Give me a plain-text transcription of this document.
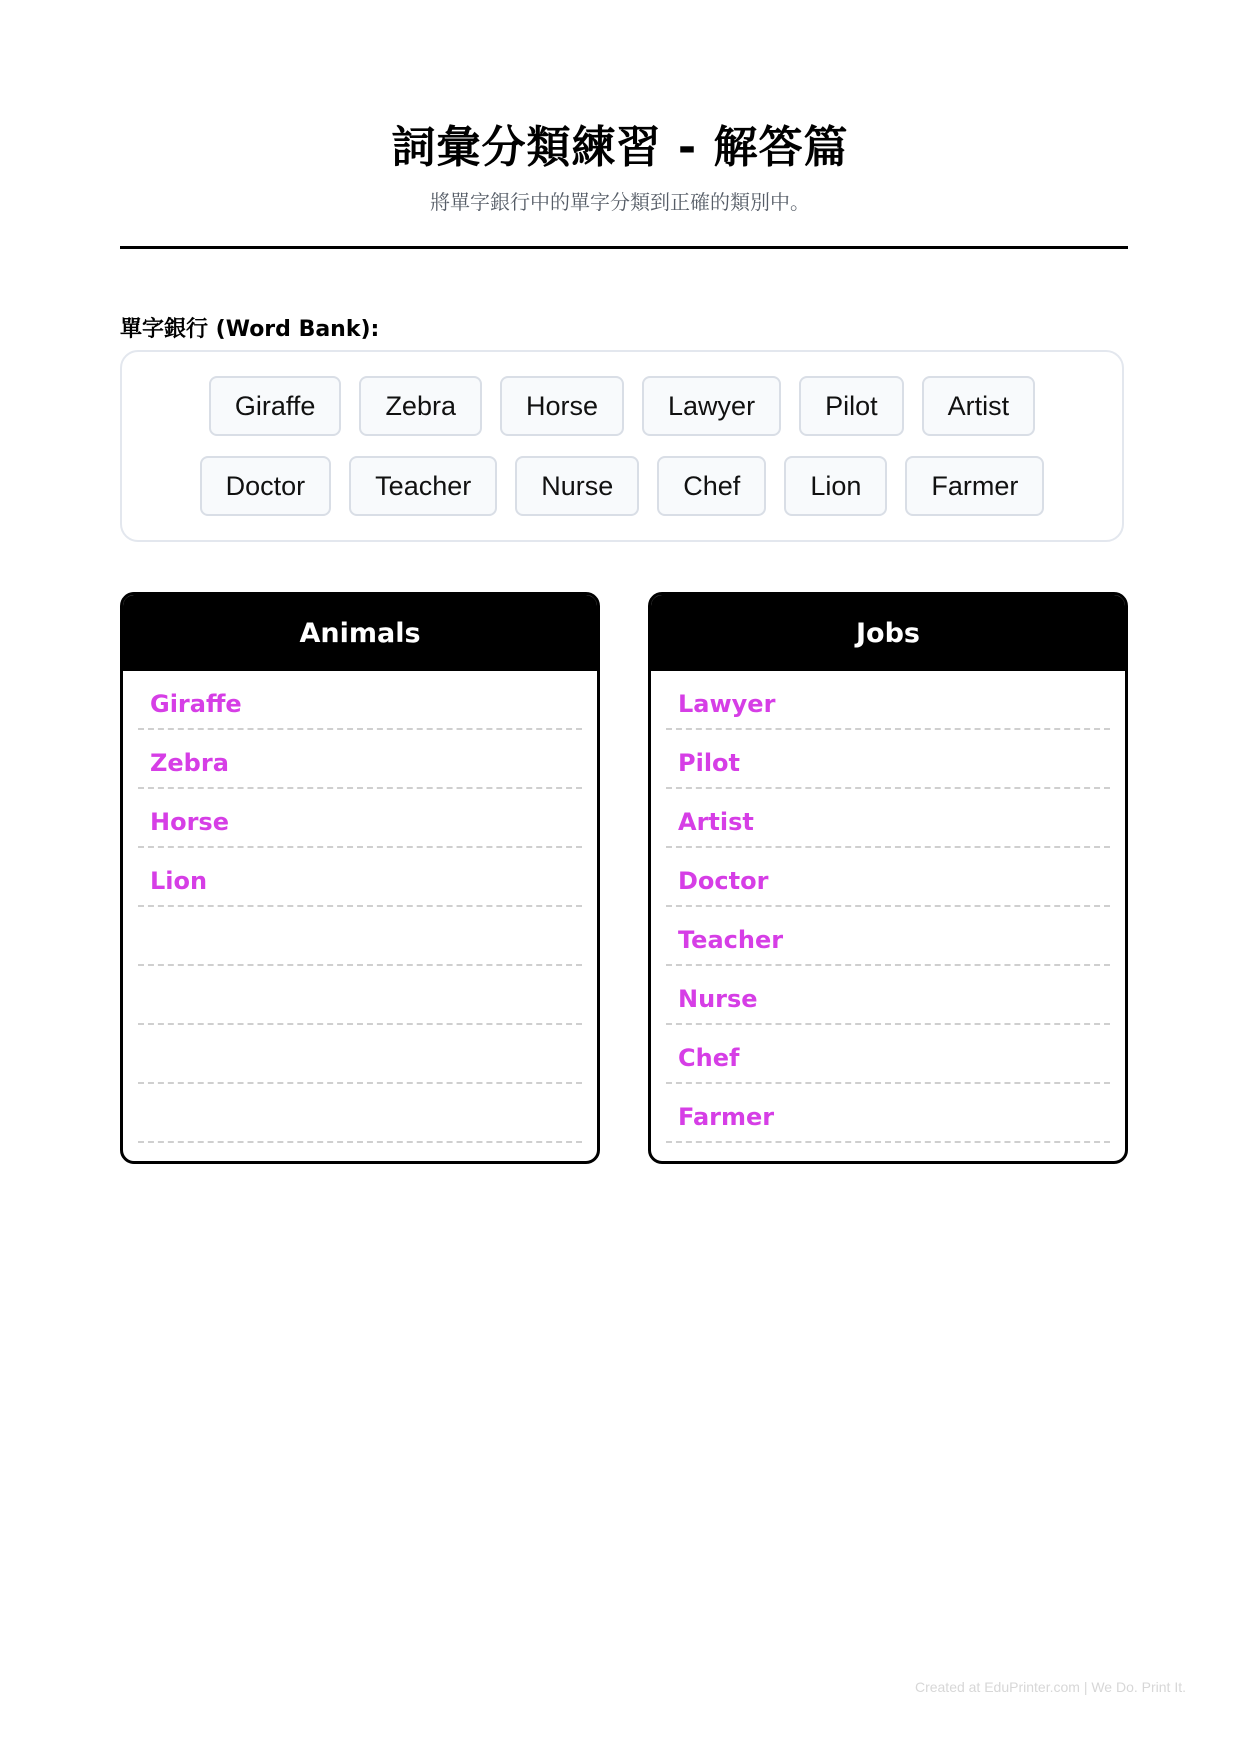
詞彙分類練習 - 解答篇
將單字銀行中的單字分類到正確的類別中。
單字銀行 (Word Bank):
Giraffe	Zebra	Horse	Lawyer	Pilot	Artist
Doctor	Teacher	Nurse	Chef	Lion	Farmer
Animals
Giraffe
Zebra
Horse
Lion
Jobs
Lawyer
Pilot
Artist
Doctor
Teacher
Nurse
Chef
Farmer
Created at EduPrinter.com | We Do. Print It.
